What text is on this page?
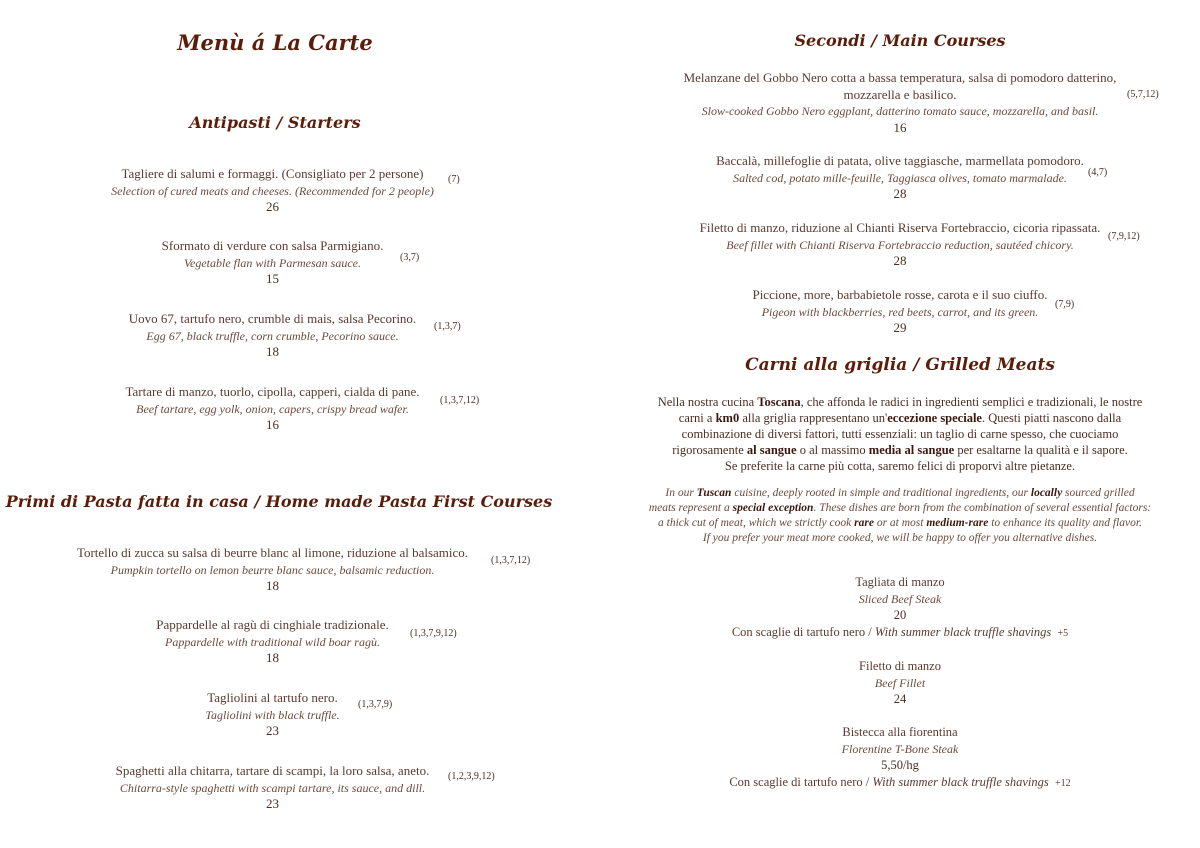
Menù á La Carte
Antipasti / Starters
Tagliere di salumi e formaggi. (Consigliato per 2 persone)
Selection of cured meats and cheeses. (Recommended for 2 people)
26
(7)
Sformato di verdure con salsa Parmigiano.
Vegetable flan with Parmesan sauce.
15
(3,7)
Uovo 67, tartufo nero, crumble di mais, salsa Pecorino.
Egg 67, black truffle, corn crumble, Pecorino sauce.
18
(1,3,7)
Tartare di manzo, tuorlo, cipolla, capperi, cialda di pane.
Beef tartare, egg yolk, onion, capers, crispy bread wafer.
16
(1,3,7,12)
Primi di Pasta fatta in casa / Home made Pasta First Courses
Tortello di zucca su salsa di beurre blanc al limone, riduzione al balsamico.
Pumpkin tortello on lemon beurre blanc sauce, balsamic reduction.
18
(1,3,7,12)
Pappardelle al ragù di cinghiale tradizionale.
Pappardelle with traditional wild boar ragù.
18
(1,3,7,9,12)
Tagliolini al tartufo nero.
Tagliolini with black truffle.
23
(1,3,7,9)
Spaghetti alla chitarra, tartare di scampi, la loro salsa, aneto.
Chitarra-style spaghetti with scampi tartare, its sauce, and dill.
23
(1,2,3,9,12)
Secondi / Main Courses
Melanzane del Gobbo Nero cotta a bassa temperatura, salsa di pomodoro datterino,
mozzarella e basilico.
Slow-cooked Gobbo Nero eggplant, datterino tomato sauce, mozzarella, and basil.
16
(5,7,12)
Baccalà, millefoglie di patata, olive taggiasche, marmellata pomodoro.
Salted cod, potato mille-feuille, Taggiasca olives, tomato marmalade.
28
(4,7)
Filetto di manzo, riduzione al Chianti Riserva Fortebraccio, cicoria ripassata.
Beef fillet with Chianti Riserva Fortebraccio reduction, sautéed chicory.
28
(7,9,12)
Piccione, more, barbabietole rosse, carota e il suo ciuffo.
Pigeon with blackberries, red beets, carrot, and its green.
29
(7,9)
Carni alla griglia / Grilled Meats
Nella nostra cucina Toscana, che affonda le radici in ingredienti semplici e tradizionali, le nostre
carni a km0 alla griglia rappresentano un'eccezione speciale. Questi piatti nascono dalla
combinazione di diversi fattori, tutti essenziali: un taglio di carne spesso, che cuociamo
rigorosamente al sangue o al massimo media al sangue per esaltarne la qualità e il sapore.
Se preferite la carne più cotta, saremo felici di proporvi altre pietanze.
In our Tuscan cuisine, deeply rooted in simple and traditional ingredients, our locally sourced grilled
meats represent a special exception. These dishes are born from the combination of several essential factors:
a thick cut of meat, which we strictly cook rare or at most medium-rare to enhance its quality and flavor.
If you prefer your meat more cooked, we will be happy to offer you alternative dishes.
Tagliata di manzo
Sliced Beef Steak
20
Con scaglie di tartufo nero / With summer black truffle shavings +5
Filetto di manzo
Beef Fillet
24
Bistecca alla fiorentina
Florentine T-Bone Steak
5,50/hg
Con scaglie di tartufo nero / With summer black truffle shavings +12
